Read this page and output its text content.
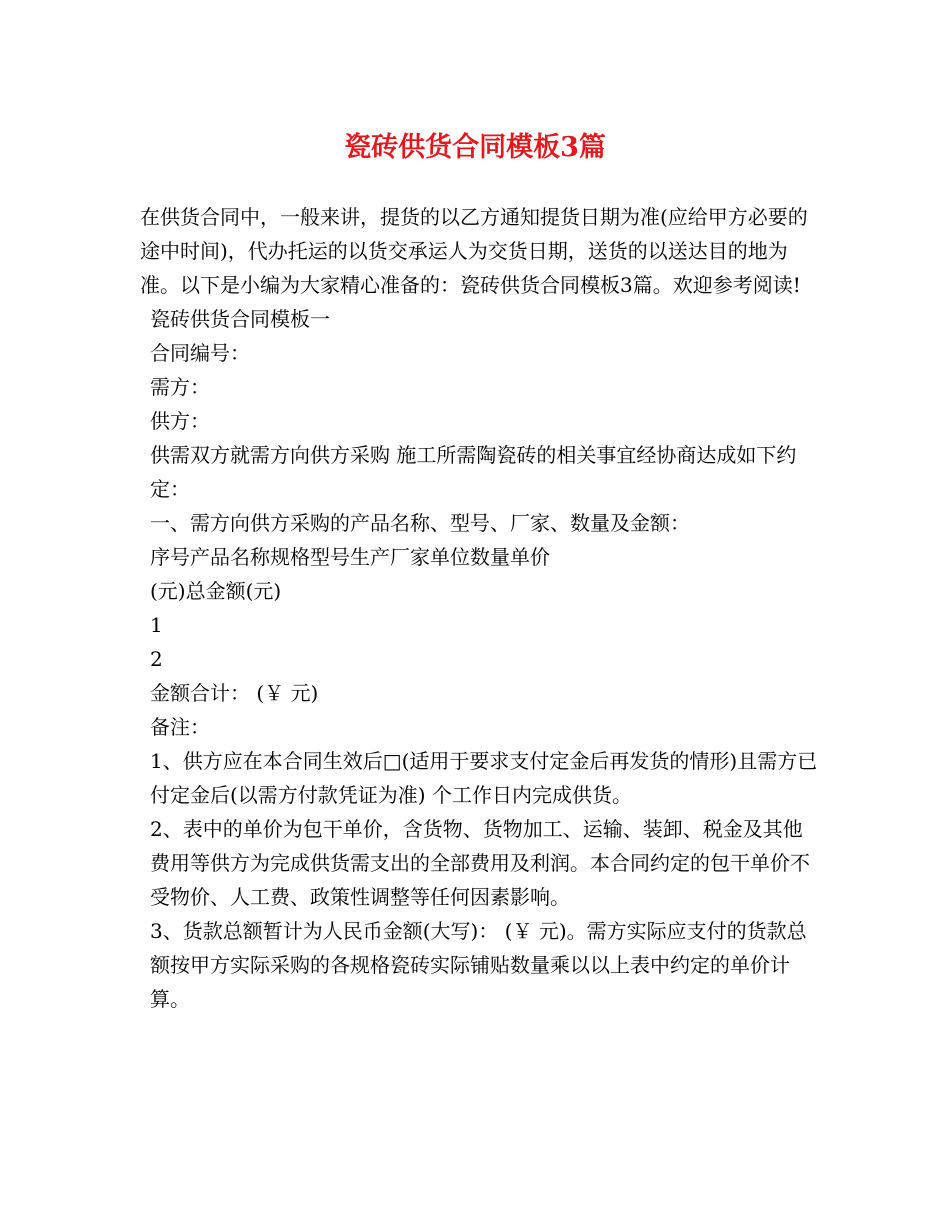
瓷砖供货合同模板3篇

在供货合同中，一般来讲，提货的以乙方通知提货日期为准(应给甲方必要的途中时间)，代办托运的以货交承运人为交货日期，送货的以送达目的地为准。以下是小编为大家精心准备的：瓷砖供货合同模板3篇。欢迎参考阅读!

瓷砖供货合同模板一

合同编号：

需方：

供方：

供需双方就需方向供方采购 施工所需陶瓷砖的相关事宜经协商达成如下约定：

一、需方向供方采购的产品名称、型号、厂家、数量及金额：

序号产品名称规格型号生产厂家单位数量单价

(元)总金额(元)

1

2

金额合计： (￥ 元)

备注：

1、供方应在本合同生效后□(适用于要求支付定金后再发货的情形)且需方已付定金后(以需方付款凭证为准) 个工作日内完成供货。

2、表中的单价为包干单价，含货物、货物加工、运输、装卸、税金及其他费用等供方为完成供货需支出的全部费用及利润。本合同约定的包干单价不受物价、人工费、政策性调整等任何因素影响。

3、货款总额暂计为人民币金额(大写)： (￥ 元)。需方实际应支付的货款总额按甲方实际采购的各规格瓷砖实际铺贴数量乘以以上表中约定的单价计算。
